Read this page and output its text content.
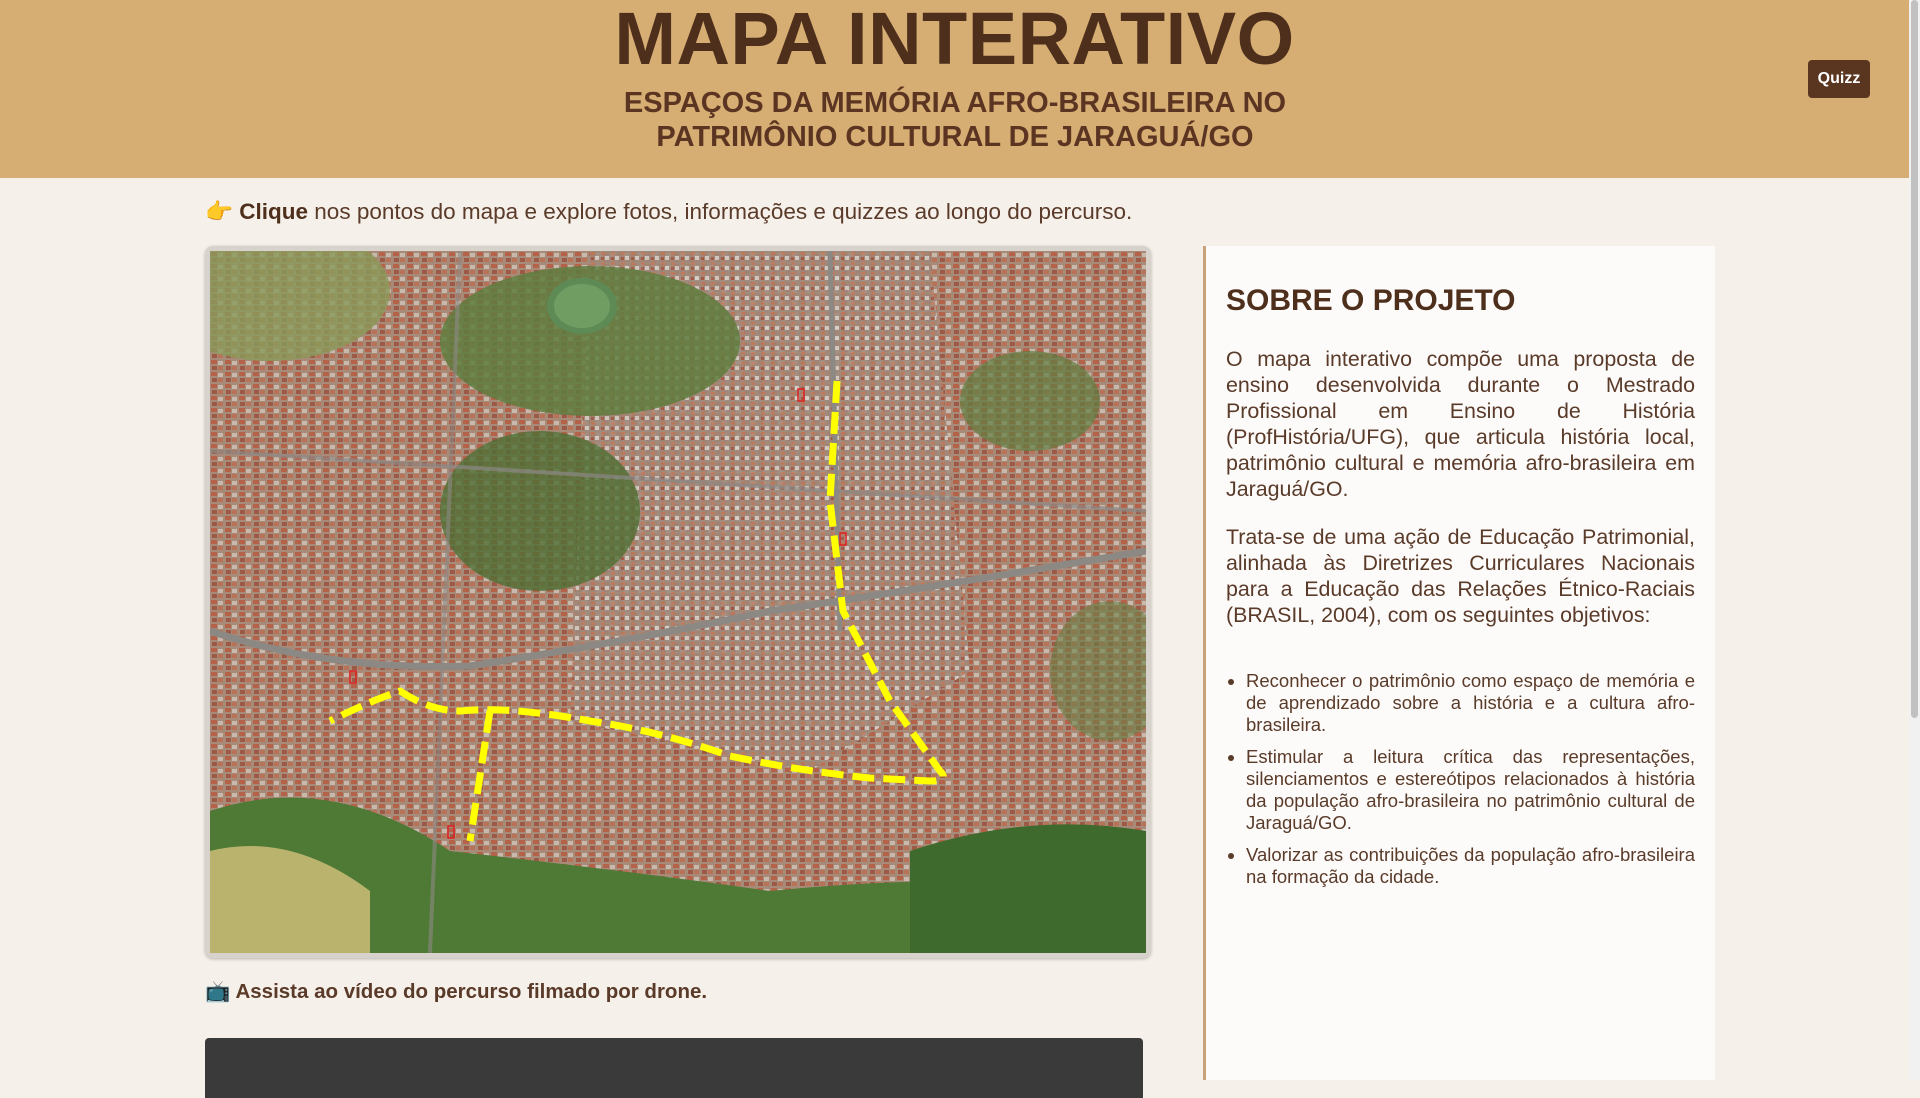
MAPA INTERATIVO
ESPAÇOS DA MEMÓRIA AFRO-BRASILEIRA NO PATRIMÔNIO CULTURAL DE JARAGUÁ/GO
Quizz
👉 Clique nos pontos do mapa e explore fotos, informações e quizzes ao longo do percurso.
📺 Assista ao vídeo do percurso filmado por drone.
SOBRE O PROJETO

O mapa interativo compõe uma proposta de ensino desenvolvida durante o Mestrado Profissional em Ensino de História (ProfHistória/UFG), que articula história local, patrimônio cultural e memória afro-brasileira em Jaraguá/GO.

Trata-se de uma ação de Educação Patrimonial, alinhada às Diretrizes Curriculares Nacionais para a Educação das Relações Étnico-Raciais (BRASIL, 2004), com os seguintes objetivos:

• Reconhecer o patrimônio como espaço de memória e de aprendizado sobre a história e a cultura afro-brasileira.
• Estimular a leitura crítica das representações, silenciamentos e estereótipos relacionados à história da população afro-brasileira no patrimônio cultural de Jaraguá/GO.
• Valorizar as contribuições da população afro-brasileira na formação da cidade.
